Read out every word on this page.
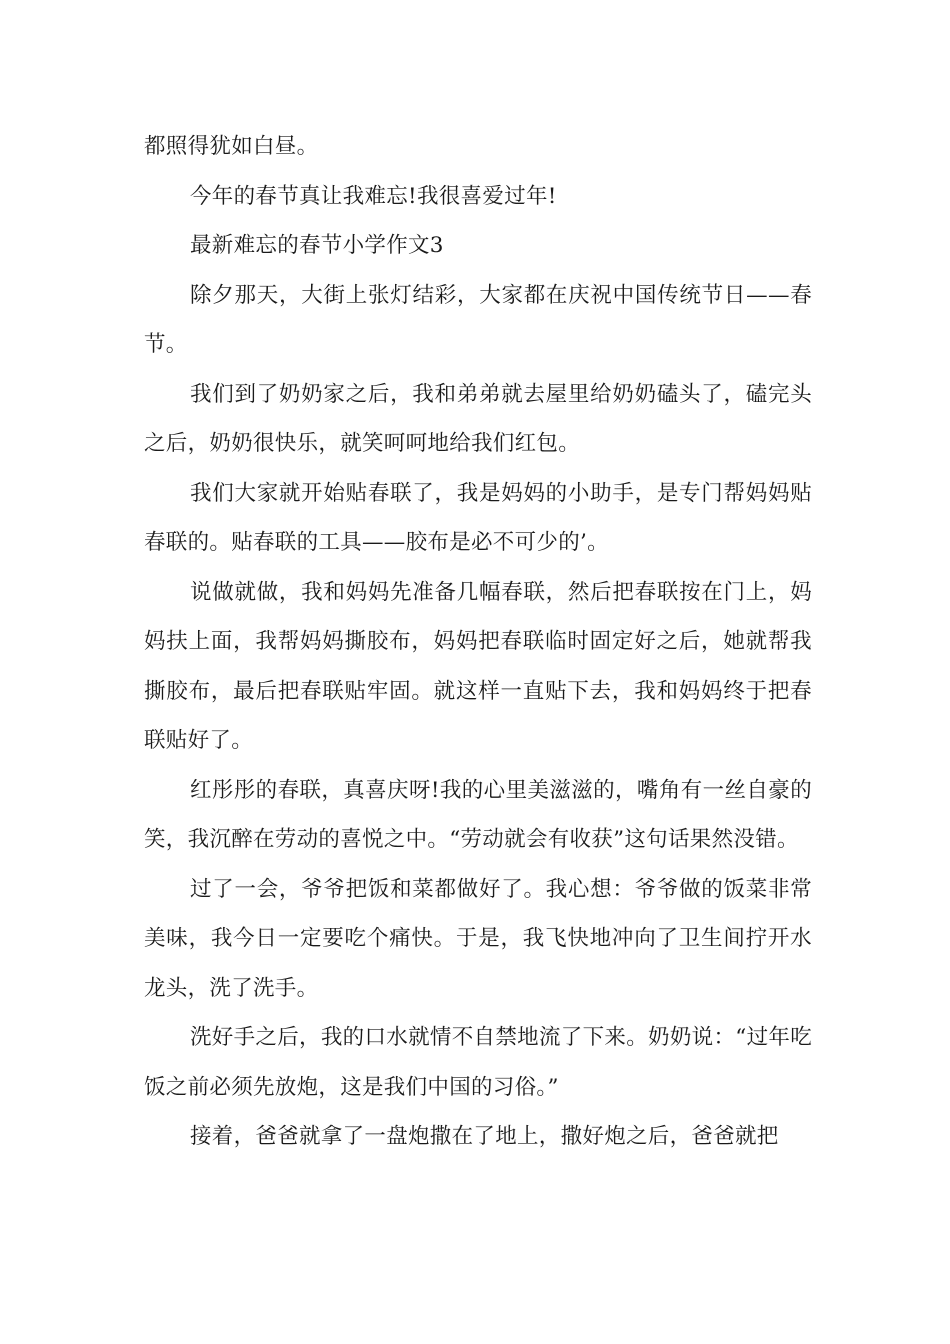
都照得犹如白昼。

今年的春节真让我难忘!我很喜爱过年!

最新难忘的春节小学作文3

除夕那天，大街上张灯结彩，大家都在庆祝中国传统节日——春节。

我们到了奶奶家之后，我和弟弟就去屋里给奶奶磕头了，磕完头之后，奶奶很快乐，就笑呵呵地给我们红包。

我们大家就开始贴春联了，我是妈妈的小助手，是专门帮妈妈贴春联的。贴春联的工具——胶布是必不可少的’。

说做就做，我和妈妈先准备几幅春联，然后把春联按在门上，妈妈扶上面，我帮妈妈撕胶布，妈妈把春联临时固定好之后，她就帮我撕胶布，最后把春联贴牢固。就这样一直贴下去，我和妈妈终于把春联贴好了。

红彤彤的春联，真喜庆呀!我的心里美滋滋的，嘴角有一丝自豪的笑，我沉醉在劳动的喜悦之中。“劳动就会有收获”这句话果然没错。

过了一会，爷爷把饭和菜都做好了。我心想：爷爷做的饭菜非常美味，我今日一定要吃个痛快。于是，我飞快地冲向了卫生间拧开水龙头，洗了洗手。

洗好手之后，我的口水就情不自禁地流了下来。奶奶说：“过年吃饭之前必须先放炮，这是我们中国的习俗。”

接着，爸爸就拿了一盘炮撒在了地上，撒好炮之后，爸爸就把
